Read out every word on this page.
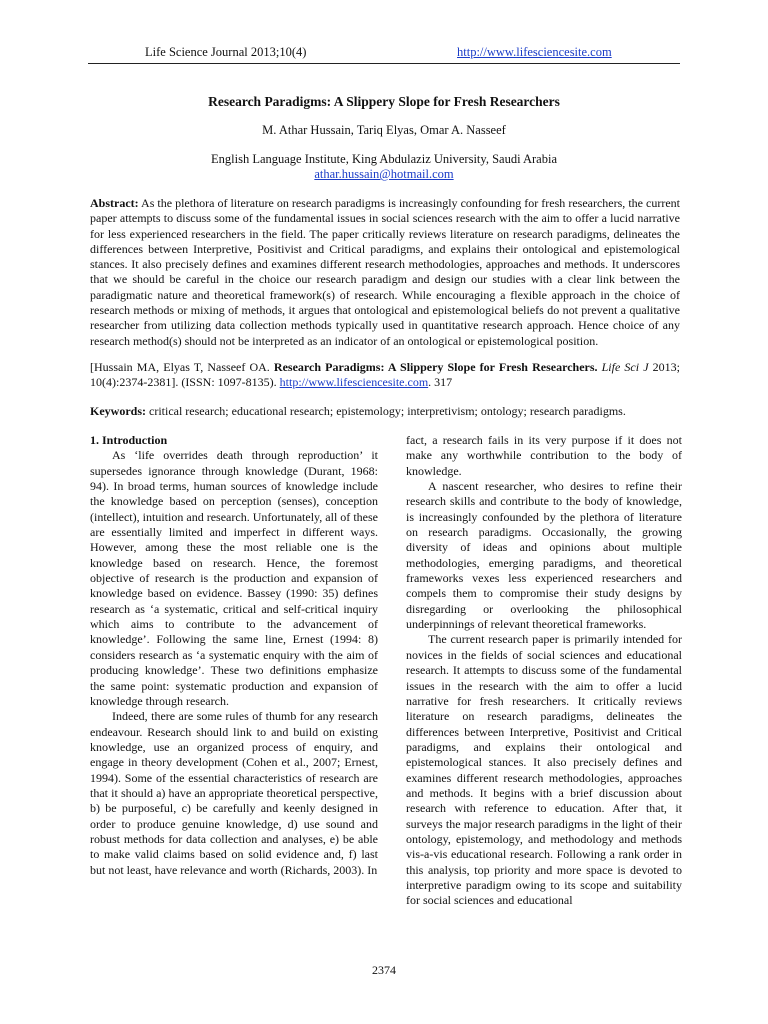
Life Science Journal 2013;10(4)	http://www.lifesciencesite.com
Research Paradigms: A Slippery Slope for Fresh Researchers
M. Athar Hussain, Tariq Elyas, Omar A. Nasseef
English Language Institute, King Abdulaziz University, Saudi Arabia
athar.hussain@hotmail.com
Abstract: As the plethora of literature on research paradigms is increasingly confounding for fresh researchers, the current paper attempts to discuss some of the fundamental issues in social sciences research with the aim to offer a lucid narrative for less experienced researchers in the field. The paper critically reviews literature on research paradigms, delineates the differences between Interpretive, Positivist and Critical paradigms, and explains their ontological and epistemological stances. It also precisely defines and examines different research methodologies, approaches and methods. It underscores that we should be careful in the choice our research paradigm and design our studies with a clear link between the paradigmatic nature and theoretical framework(s) of research. While encouraging a flexible approach in the choice of research methods or mixing of methods, it argues that ontological and epistemological beliefs do not prevent a qualitative researcher from utilizing data collection methods typically used in quantitative research approach. Hence choice of any research method(s) should not be interpreted as an indicator of an ontological or epistemological position.
[Hussain MA, Elyas T, Nasseef OA. Research Paradigms: A Slippery Slope for Fresh Researchers. Life Sci J 2013; 10(4):2374-2381]. (ISSN: 1097-8135). http://www.lifesciencesite.com. 317
Keywords: critical research; educational research; epistemology; interpretivism; ontology; research paradigms.
1. Introduction

As ‘life overrides death through reproduction’ it supersedes ignorance through knowledge (Durant, 1968: 94). In broad terms, human sources of knowledge include the knowledge based on perception (senses), conception (intellect), intuition and research. Unfortunately, all of these are essentially limited and imperfect in different ways. However, among these the most reliable one is the knowledge based on research. Hence, the foremost objective of research is the production and expansion of knowledge based on evidence. Bassey (1990: 35) defines research as ‘a systematic, critical and self-critical inquiry which aims to contribute to the advancement of knowledge’. Following the same line, Ernest (1994: 8) considers research as ‘a systematic enquiry with the aim of producing knowledge’. These two definitions emphasize the same point: systematic production and expansion of knowledge through research.

Indeed, there are some rules of thumb for any research endeavour. Research should link to and build on existing knowledge, use an organized process of enquiry, and engage in theory development (Cohen et al., 2007; Ernest, 1994). Some of the essential characteristics of research are that it should a) have an appropriate theoretical perspective, b) be purposeful, c) be carefully and keenly designed in order to produce genuine knowledge, d) use sound and robust methods for data collection and analyses, e) be able to make valid claims based on solid evidence and, f) last but not least, have relevance and worth (Richards, 2003). In

fact, a research fails in its very purpose if it does not make any worthwhile contribution to the body of knowledge.

A nascent researcher, who desires to refine their research skills and contribute to the body of knowledge, is increasingly confounded by the plethora of literature on research paradigms. Occasionally, the growing diversity of ideas and opinions about multiple methodologies, emerging paradigms, and theoretical frameworks vexes less experienced researchers and compels them to compromise their study designs by disregarding or overlooking the philosophical underpinnings of relevant theoretical frameworks.

The current research paper is primarily intended for novices in the fields of social sciences and educational research. It attempts to discuss some of the fundamental issues in the research with the aim to offer a lucid narrative for fresh researchers. It critically reviews literature on research paradigms, delineates the differences between Interpretive, Positivist and Critical paradigms, and explains their ontological and epistemological stances. It also precisely defines and examines different research methodologies, approaches and methods. It begins with a brief discussion about research with reference to education. After that, it surveys the major research paradigms in the light of their ontology, epistemology, and methodology and methods vis-a-vis educational research. Following a rank order in this analysis, top priority and more space is devoted to interpretive paradigm owing to its scope and suitability for social sciences and educational

2374
